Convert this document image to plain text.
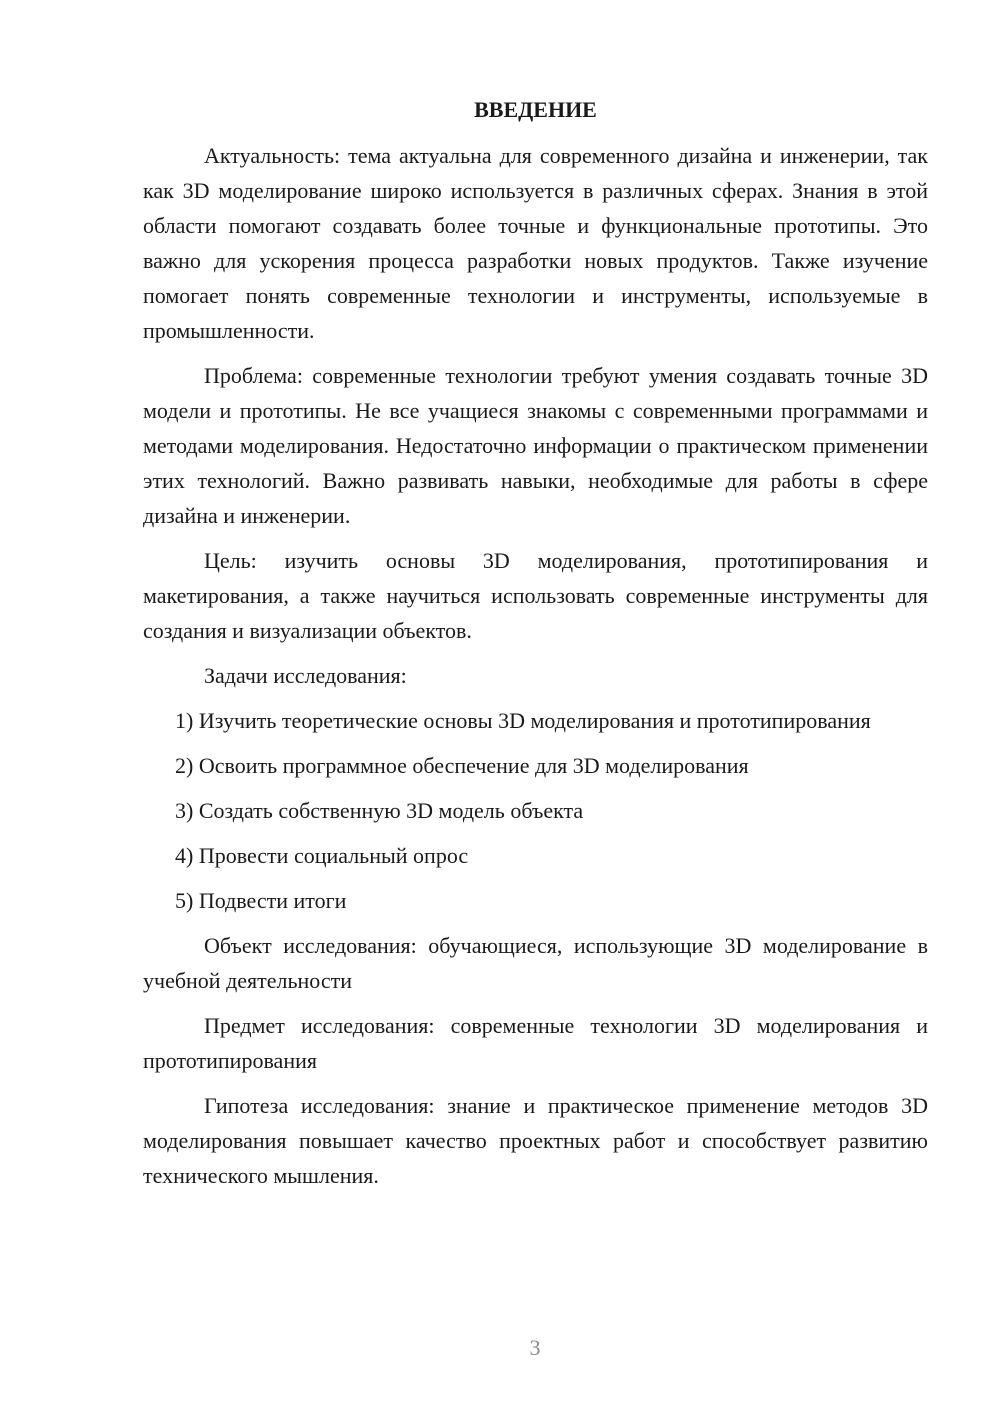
ВВЕДЕНИЕ

Актуальность: тема актуальна для современного дизайна и инженерии, так как 3D моделирование широко используется в различных сферах. Знания в этой области помогают создавать более точные и функциональные прототипы. Это важно для ускорения процесса разработки новых продуктов. Также изучение помогает понять современные технологии и инструменты, используемые в промышленности.

Проблема: современные технологии требуют умения создавать точные 3D модели и прототипы. Не все учащиеся знакомы с современными программами и методами моделирования. Недостаточно информации о практическом применении этих технологий. Важно развивать навыки, необходимые для работы в сфере дизайна и инженерии.

Цель: изучить основы 3D моделирования, прототипирования и макетирования, а также научиться использовать современные инструменты для создания и визуализации объектов.

Задачи исследования:

1) Изучить теоретические основы 3D моделирования и прототипирования

2) Освоить программное обеспечение для 3D моделирования

3) Создать собственную 3D модель объекта

4) Провести социальный опрос

5) Подвести итоги

Объект исследования: обучающиеся, использующие 3D моделирование в учебной деятельности

Предмет исследования: современные технологии 3D моделирования и прототипирования

Гипотеза исследования: знание и практическое применение методов 3D моделирования повышает качество проектных работ и способствует развитию технического мышления.

3
